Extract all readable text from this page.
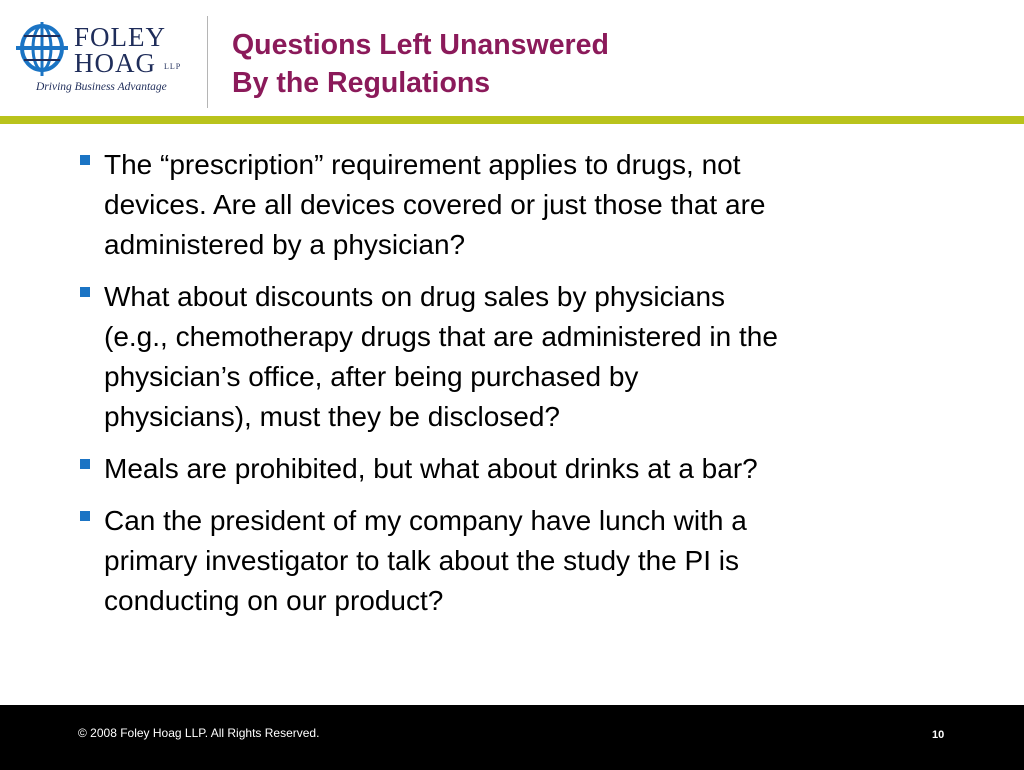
FOLEY
HOAG LLP
Driving Business Advantage
Questions Left Unanswered
By the Regulations
The “prescription” requirement applies to drugs, not
devices. Are all devices covered or just those that are
administered by a physician?
What about discounts on drug sales by physicians
(e.g., chemotherapy drugs that are administered in the
physician’s office, after being purchased by
physicians), must they be disclosed?
Meals are prohibited, but what about drinks at a bar?
Can the president of my company have lunch with a
primary investigator to talk about the study the PI is
conducting on our product?
© 2008 Foley Hoag LLP. All Rights Reserved.	10
